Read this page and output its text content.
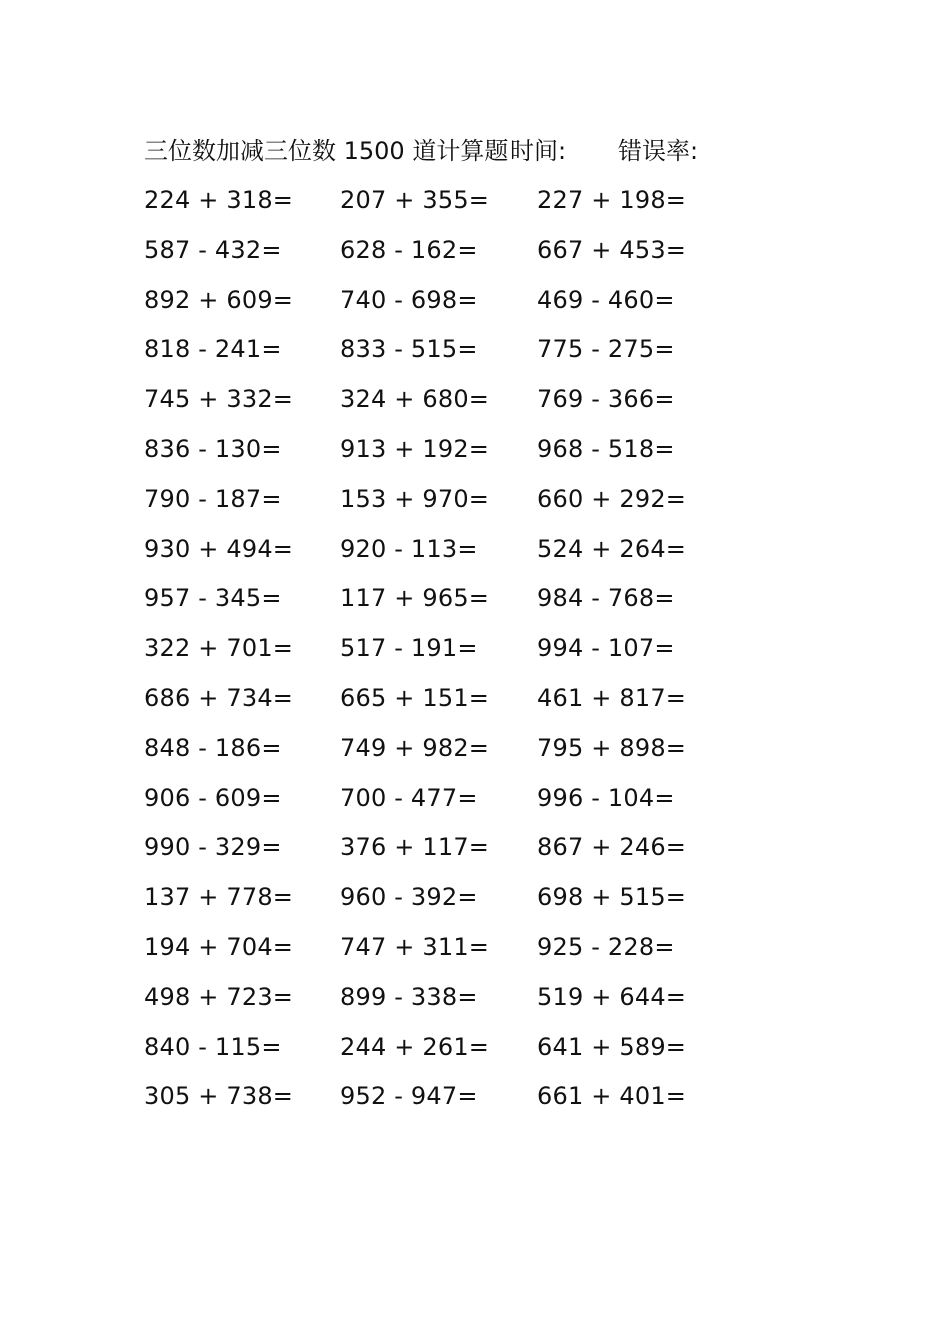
三位数加减三位数 1500 道计算题 时间: 错误率:
224 + 318= 207 + 355= 227 + 198=
587 - 432= 628 - 162= 667 + 453=
892 + 609= 740 - 698= 469 - 460=
818 - 241= 833 - 515= 775 - 275=
745 + 332= 324 + 680= 769 - 366=
836 - 130= 913 + 192= 968 - 518=
790 - 187= 153 + 970= 660 + 292=
930 + 494= 920 - 113= 524 + 264=
957 - 345= 117 + 965= 984 - 768=
322 + 701= 517 - 191= 994 - 107=
686 + 734= 665 + 151= 461 + 817=
848 - 186= 749 + 982= 795 + 898=
906 - 609= 700 - 477= 996 - 104=
990 - 329= 376 + 117= 867 + 246=
137 + 778= 960 - 392= 698 + 515=
194 + 704= 747 + 311= 925 - 228=
498 + 723= 899 - 338= 519 + 644=
840 - 115= 244 + 261= 641 + 589=
305 + 738= 952 - 947= 661 + 401=
